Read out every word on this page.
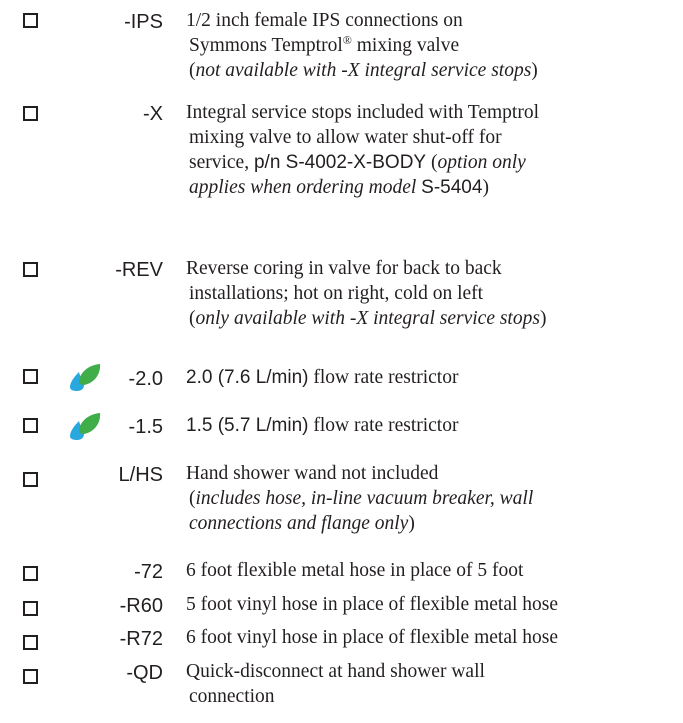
-IPS 1/2 inch female IPS connections on
Symmons Temptrol® mixing valve
(not available with -X integral service stops)
-X Integral service stops included with Temptrol
mixing valve to allow water shut-off for
service, p/n S-4002-X-BODY (option only
applies when ordering model S-5404)
-REV Reverse coring in valve for back to back
installations; hot on right, cold on left
(only available with -X integral service stops)
-2.0 2.0 (7.6 L/min) flow rate restrictor
-1.5 1.5 (5.7 L/min) flow rate restrictor
L/HS Hand shower wand not included
(includes hose, in-line vacuum breaker, wall
connections and flange only)
-72 6 foot flexible metal hose in place of 5 foot
-R60 5 foot vinyl hose in place of flexible metal hose
-R72 6 foot vinyl hose in place of flexible metal hose
-QD Quick-disconnect at hand shower wall
connection
